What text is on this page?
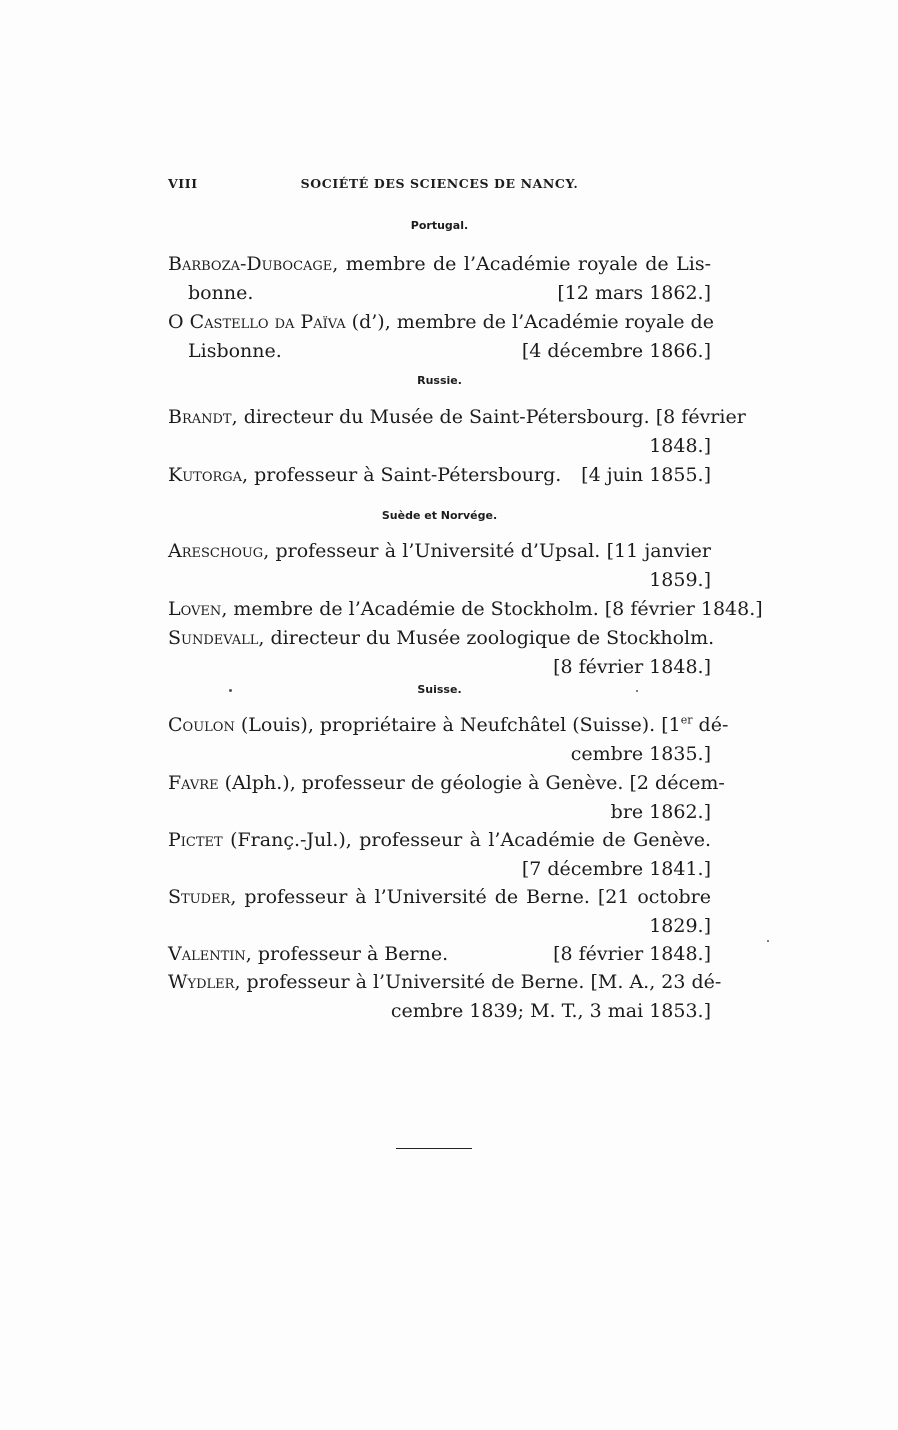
VIII	SOCIÉTÉ DES SCIENCES DE NANCY.
Portugal.
Barboza-Dubocage, membre de l’Académie royale de Lis-
bonne.	[12 mars 1862.]
O Castello da Païva (d’), membre de l’Académie royale de
Lisbonne.	[4 décembre 1866.]
Russie.
Brandt, directeur du Musée de Saint-Pétersbourg. [8 février
1848.]
Kutorga, professeur à Saint-Pétersbourg. [4 juin 1855.]
Suède et Norvége.
Areschoug, professeur à l’Université d’Upsal. [11 janvier
1859.]
Loven, membre de l’Académie de Stockholm. [8 février 1848.]
Sundevall, directeur du Musée zoologique de Stockholm.
[8 février 1848.]
Suisse.
Coulon (Louis), propriétaire à Neufchâtel (Suisse). [1er dé-
cembre 1835.]
Favre (Alph.), professeur de géologie à Genève. [2 décem-
bre 1862.]
Pictet (Franç.-Jul.), professeur à l’Académie de Genève.
[7 décembre 1841.]
Studer, professeur à l’Université de Berne. [21 octobre
1829.]
Valentin, professeur à Berne.	[8 février 1848.]
Wydler, professeur à l’Université de Berne. [M. A., 23 dé-
cembre 1839; M. T., 3 mai 1853.]
